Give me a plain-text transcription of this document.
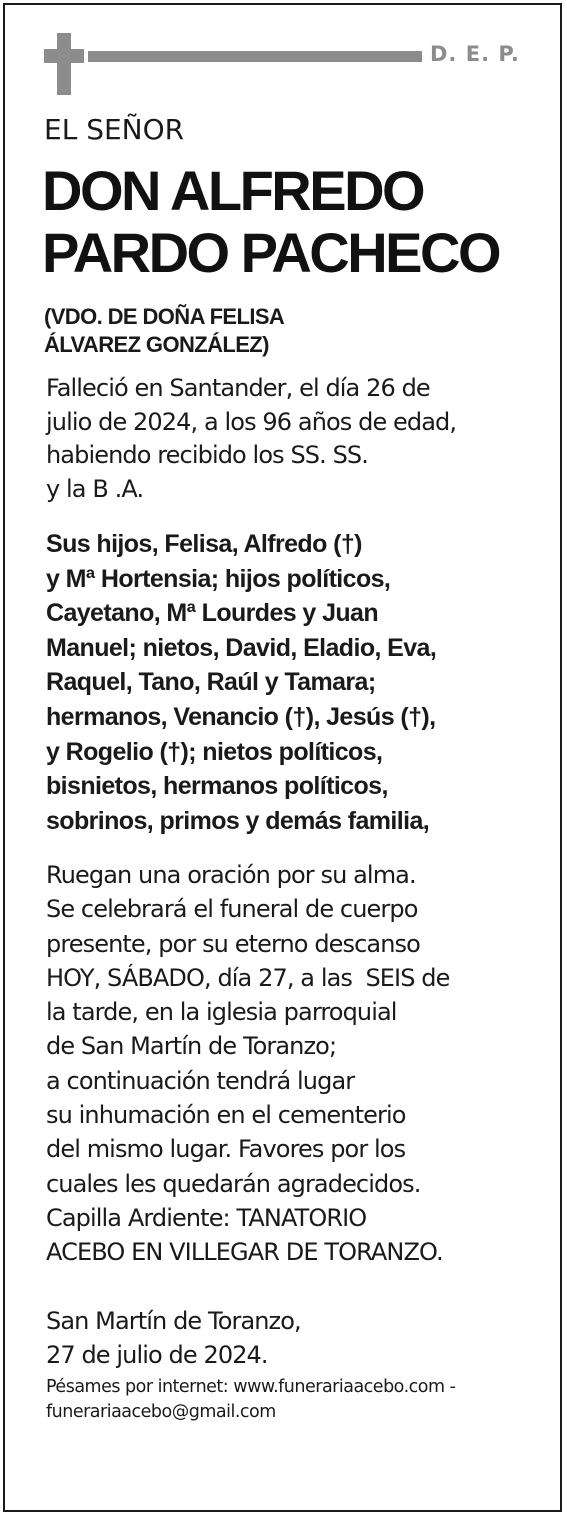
D. E. P.
EL SEÑOR
DON ALFREDO
PARDO PACHECO
(VDO. DE DOÑA FELISA
ÁLVAREZ GONZÁLEZ)
Falleció en Santander, el día 26 de
julio de 2024, a los 96 años de edad,
habiendo recibido los SS. SS.
y la B .A.
Sus hijos, Felisa, Alfredo (†)
y Mª Hortensia; hijos políticos,
Cayetano, Mª Lourdes y Juan
Manuel; nietos, David, Eladio, Eva,
Raquel, Tano, Raúl y Tamara;
hermanos, Venancio (†), Jesús (†),
y Rogelio (†); nietos políticos,
bisnietos, hermanos políticos,
sobrinos, primos y demás familia,
Ruegan una oración por su alma.
Se celebrará el funeral de cuerpo
presente, por su eterno descanso
HOY, SÁBADO, día 27, a las  SEIS de
la tarde, en la iglesia parroquial
de San Martín de Toranzo;
a continuación tendrá lugar
su inhumación en el cementerio
del mismo lugar. Favores por los
cuales les quedarán agradecidos.
Capilla Ardiente: TANATORIO
ACEBO EN VILLEGAR DE TORANZO.
San Martín de Toranzo,
27 de julio de 2024.
Pésames por internet: www.funerariaacebo.com -
funerariaacebo@gmail.com
